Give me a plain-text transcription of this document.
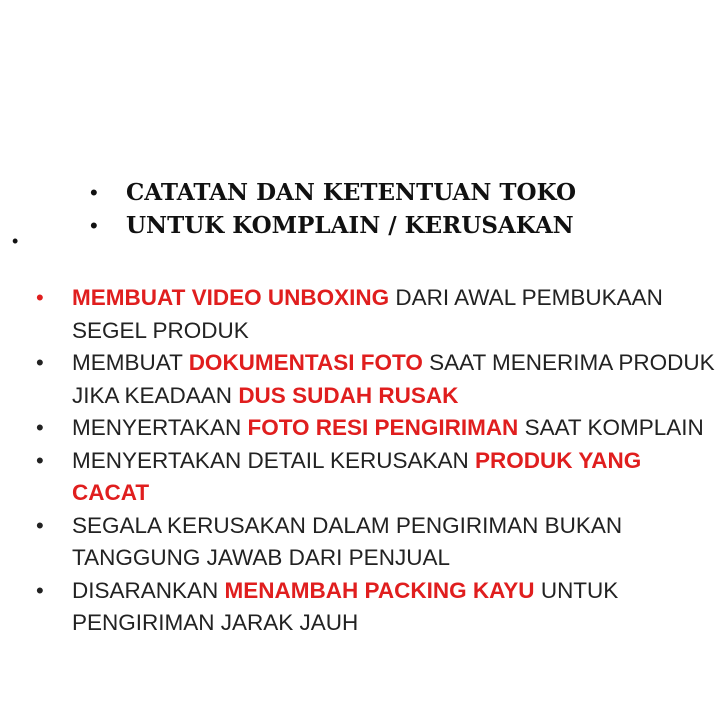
• CATATAN DAN KETENTUAN TOKO
• UNTUK KOMPLAIN / KERUSAKAN
•
• MEMBUAT VIDEO UNBOXING DARI AWAL PEMBUKAAN SEGEL PRODUK
• MEMBUAT DOKUMENTASI FOTO SAAT MENERIMA PRODUK JIKA KEADAAN DUS SUDAH RUSAK
• MENYERTAKAN FOTO RESI PENGIRIMAN SAAT KOMPLAIN
• MENYERTAKAN DETAIL KERUSAKAN PRODUK YANG CACAT
• SEGALA KERUSAKAN DALAM PENGIRIMAN BUKAN TANGGUNG JAWAB DARI PENJUAL
• DISARANKAN MENAMBAH PACKING KAYU UNTUK PENGIRIMAN JARAK JAUH
